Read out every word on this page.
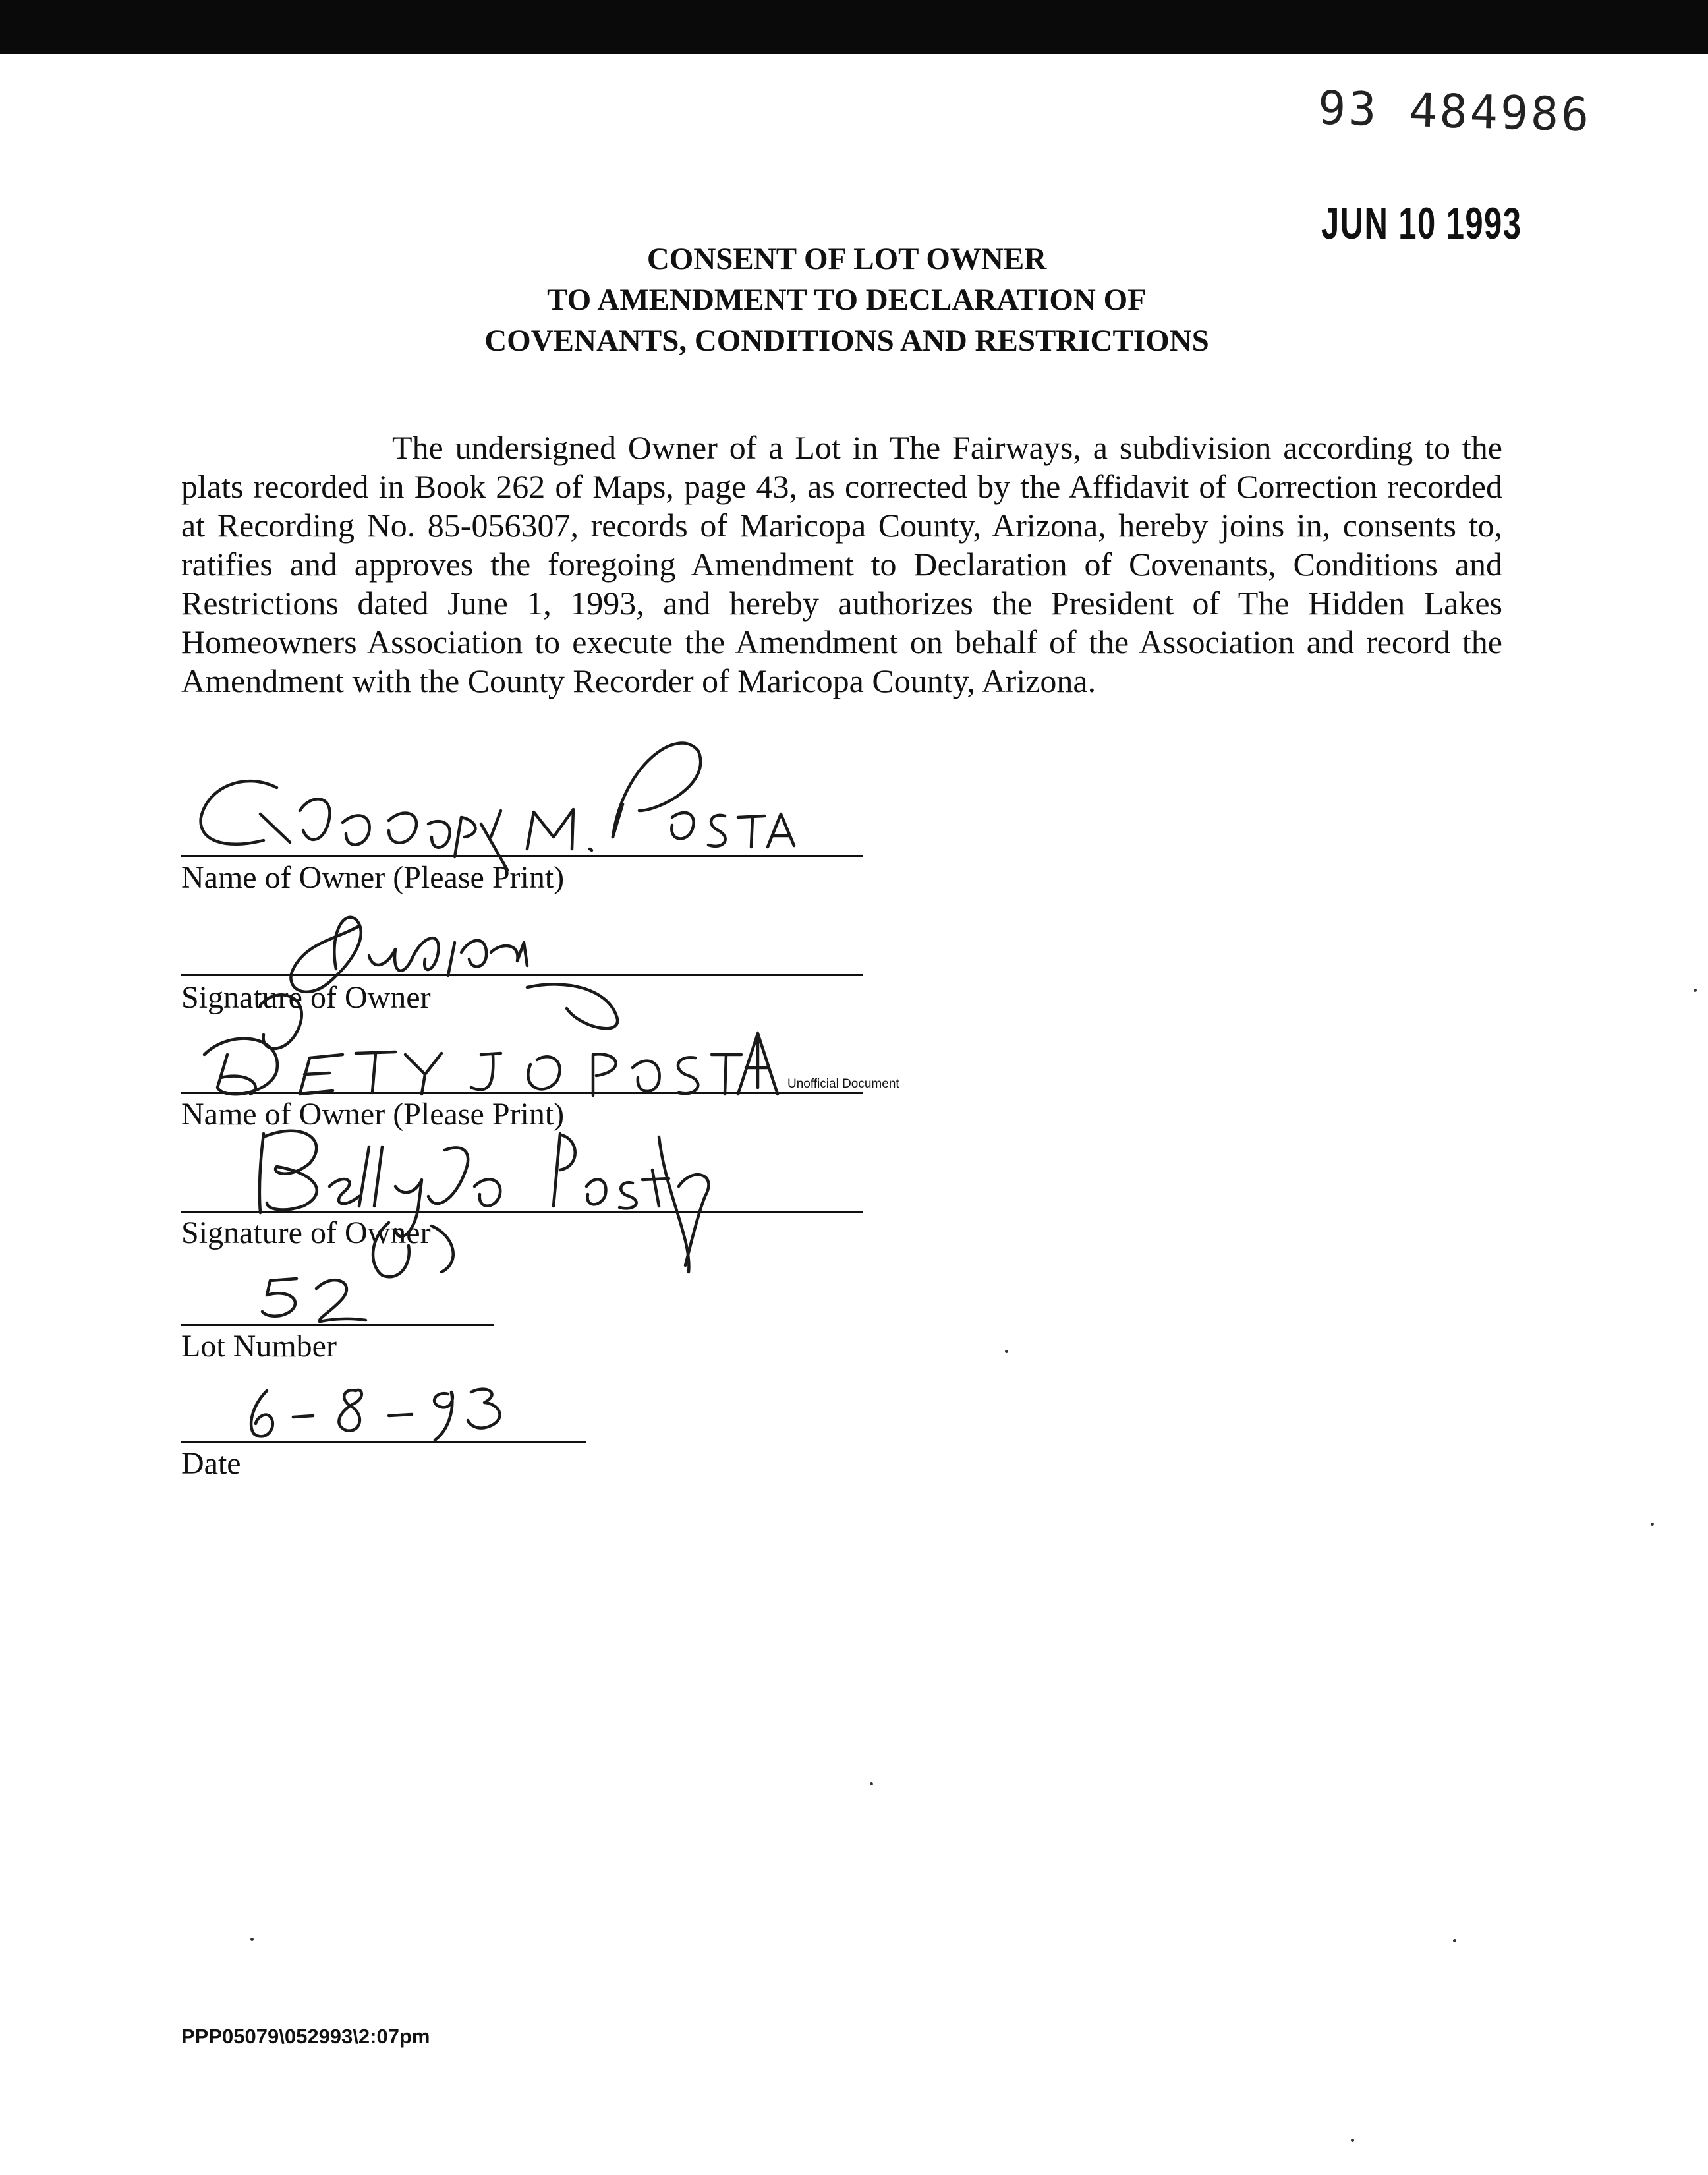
93 484986
JUN 10 1993
CONSENT OF LOT OWNER
TO AMENDMENT TO DECLARATION OF
COVENANTS, CONDITIONS AND RESTRICTIONS
The undersigned Owner of a Lot in The Fairways, a subdivision according to the plats recorded in Book 262 of Maps, page 43, as corrected by the Affidavit of Correction recorded at Recording No. 85-056307, records of Maricopa County, Arizona, hereby joins in, consents to, ratifies and approves the foregoing Amendment to Declaration of Covenants, Conditions and Restrictions dated June 1, 1993, and hereby authorizes the President of The Hidden Lakes Homeowners Association to execute the Amendment on behalf of the Association and record the Amendment with the County Recorder of Maricopa County, Arizona.
Name of Owner (Please Print)
Signature of Owner
Unofficial Document
Name of Owner (Please Print)
Signature of Owner
Lot Number
Date
PPP05079\052993\2:07pm
